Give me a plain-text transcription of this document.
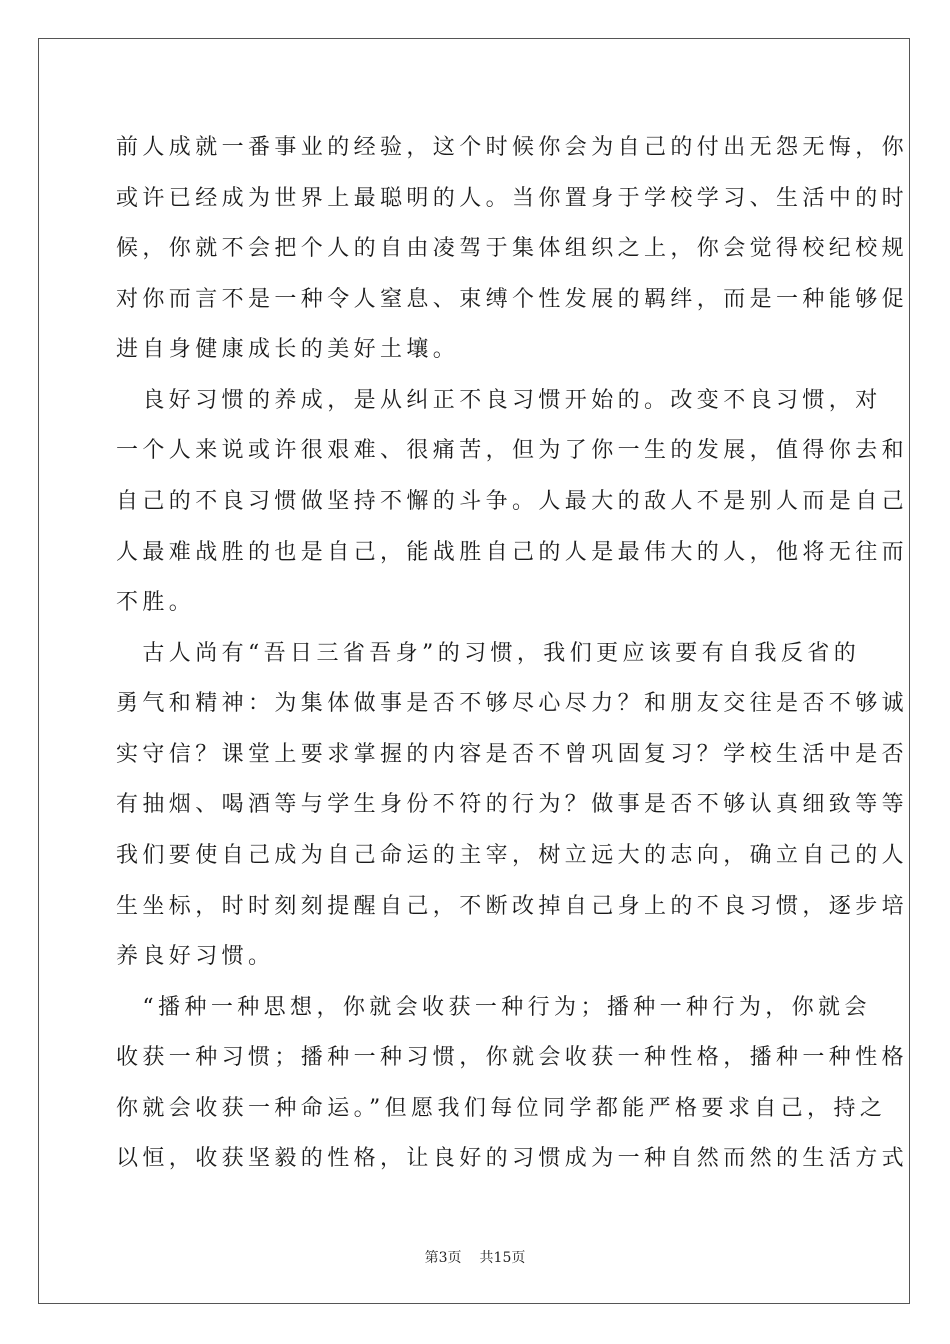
前人成就一番事业的经验，这个时候你会为自己的付出无怨无悔，你
或许已经成为世界上最聪明的人。当你置身于学校学习、生活中的时
候，你就不会把个人的自由凌驾于集体组织之上，你会觉得校纪校规
对你而言不是一种令人窒息、束缚个性发展的羁绊，而是一种能够促
进自身健康成长的美好土壤。
　良好习惯的养成，是从纠正不良习惯开始的。改变不良习惯，对
一个人来说或许很艰难、很痛苦，但为了你一生的发展，值得你去和
自己的不良习惯做坚持不懈的斗争。人最大的敌人不是别人而是自己
人最难战胜的也是自己，能战胜自己的人是最伟大的人，他将无往而
不胜。
　古人尚有“吾日三省吾身”的习惯，我们更应该要有自我反省的
勇气和精神：为集体做事是否不够尽心尽力？和朋友交往是否不够诚
实守信？课堂上要求掌握的内容是否不曾巩固复习？学校生活中是否
有抽烟、喝酒等与学生身份不符的行为？做事是否不够认真细致等等
我们要使自己成为自己命运的主宰，树立远大的志向，确立自己的人
生坐标，时时刻刻提醒自己，不断改掉自己身上的不良习惯，逐步培
养良好习惯。
　“播种一种思想，你就会收获一种行为；播种一种行为，你就会
收获一种习惯；播种一种习惯，你就会收获一种性格，播种一种性格
你就会收获一种命运。”但愿我们每位同学都能严格要求自己，持之
以恒，收获坚毅的性格，让良好的习惯成为一种自然而然的生活方式
第3页 共15页
